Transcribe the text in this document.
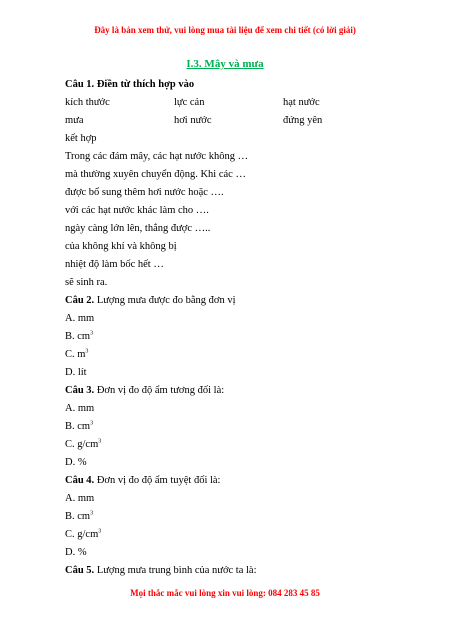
Đây là bản xem thử, vui lòng mua tài liệu để xem chi tiết (có lời giải)
I.3. Mây và mưa
Câu 1. Điền từ thích hợp vào
kích thước	lực cản	hạt nước
mưa	hơi nước	đứng yên
kết hợp
Trong các đám mây, các hạt nước không …
mà thường xuyên chuyển động. Khi các …
được bổ sung thêm hơi nước hoặc ….
với các hạt nước khác làm cho ….
ngày càng lớn lên, thắng được …..
của không khí và không bị
nhiệt độ làm bốc hết …
sẽ sinh ra.
Câu 2. Lượng mưa được đo bằng đơn vị
A. mm
B. $cm^3$
C. $m^3$
D. lít
Câu 3. Đơn vị đo độ ẩm tương đối là:
A. mm
B. $cm^3$
C. $g/cm^3$
D. %
Câu 4. Đơn vị đo độ ẩm tuyệt đối là:
A. mm
B. $cm^3$
C. $g/cm^3$
D. %
Câu 5. Lượng mưa trung bình của nước ta là:
Mọi thắc mắc vui lòng xin vui lòng: 084 283 45 85
